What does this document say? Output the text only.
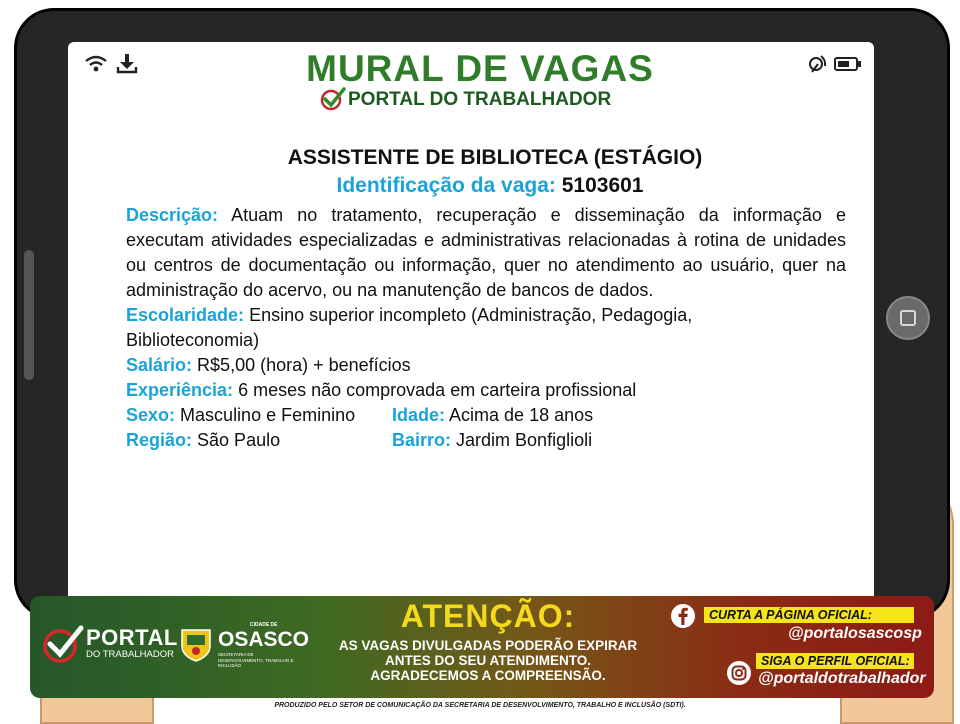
MURAL DE VAGAS
PORTAL DO TRABALHADOR
ASSISTENTE DE BIBLIOTECA (ESTÁGIO)
Identificação da vaga: 5103601

Descrição: Atuam no tratamento, recuperação e disseminação da informação e executam atividades especializadas e administrativas relacionadas à rotina de unidades ou centros de documentação ou informação, quer no atendimento ao usuário, quer na administração do acervo, ou na manutenção de bancos de dados.

Escolaridade: Ensino superior incompleto (Administração, Pedagogia, Biblioteconomia)

Salário: R$5,00 (hora) + benefícios

Experiência: 6 meses não comprovada em carteira profissional

Sexo: Masculino e Feminino Idade: Acima de 18 anos
Região: São Paulo	Bairro: Jardim Bonfiglioli
PORTAL
DO TRABALHADOR
CIDADE DE
OSASCO
SECRETARIA DE DESENVOLVIMENTO, TRABALHO E INCLUSÃO
ATENÇÃO:
AS VAGAS DIVULGADAS PODERÃO EXPIRAR
ANTES DO SEU ATENDIMENTO.
AGRADECEMOS A COMPREENSÃO.
CURTA A PÁGINA OFICIAL:
@portalosascosp
SIGA O PERFIL OFICIAL:
@portaldotrabalhador
PRODUZIDO PELO SETOR DE COMUNICAÇÃO DA SECRETARIA DE DESENVOLVIMENTO, TRABALHO E INCLUSÃO (SDTI).
